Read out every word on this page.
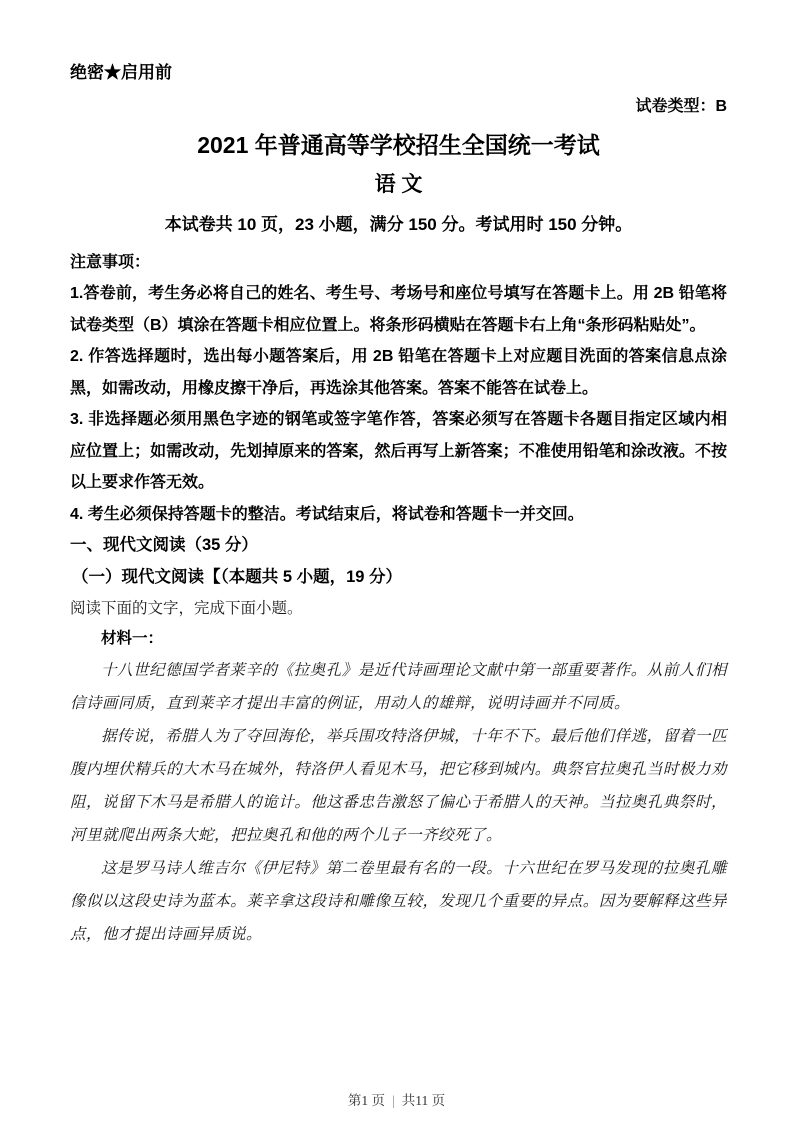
绝密★启用前
试卷类型：B
2021 年普通高等学校招生全国统一考试
语 文
本试卷共 10 页，23 小题，满分 150 分。考试用时 150 分钟。
注意事项：

1.答卷前，考生务必将自己的姓名、考生号、考场号和座位号填写在答题卡上。用 2B 铅笔将试卷类型（B）填涂在答题卡相应位置上。将条形码横贴在答题卡右上角“条形码粘贴处”。

2. 作答选择题时，选出每小题答案后，用 2B 铅笔在答题卡上对应题目洗面的答案信息点涂黑，如需改动，用橡皮擦干净后，再选涂其他答案。答案不能答在试卷上。

3. 非选择题必须用黑色字迹的钢笔或签字笔作答，答案必须写在答题卡各题目指定区域内相应位置上；如需改动，先划掉原来的答案，然后再写上新答案；不准使用铅笔和涂改液。不按以上要求作答无效。

4. 考生必须保持答题卡的整洁。考试结束后，将试卷和答题卡一并交回。

一、现代文阅读（35 分）
（一）现代文阅读【（本题共 5 小题，19 分）

阅读下面的文字，完成下面小题。

材料一：

十八世纪德国学者莱辛的《拉奥孔》是近代诗画理论文献中第一部重要著作。从前人们相信诗画同质，直到莱辛才提出丰富的例证，用动人的雄辩，说明诗画并不同质。

据传说，希腊人为了夺回海伦，举兵围攻特洛伊城，十年不下。最后他们佯逃，留着一匹腹内埋伏精兵的大木马在城外，特洛伊人看见木马，把它移到城内。典祭官拉奥孔当时极力劝阻，说留下木马是希腊人的诡计。他这番忠告激怒了偏心于希腊人的天神。当拉奥孔典祭时，河里就爬出两条大蛇，把拉奥孔和他的两个儿子一齐绞死了。

这是罗马诗人维吉尔《伊尼特》第二卷里最有名的一段。十六世纪在罗马发现的拉奥孔雕像似以这段史诗为蓝本。莱辛拿这段诗和雕像互较，发现几个重要的异点。因为要解释这些异点，他才提出诗画异质说。

第1 页 | 共11 页
